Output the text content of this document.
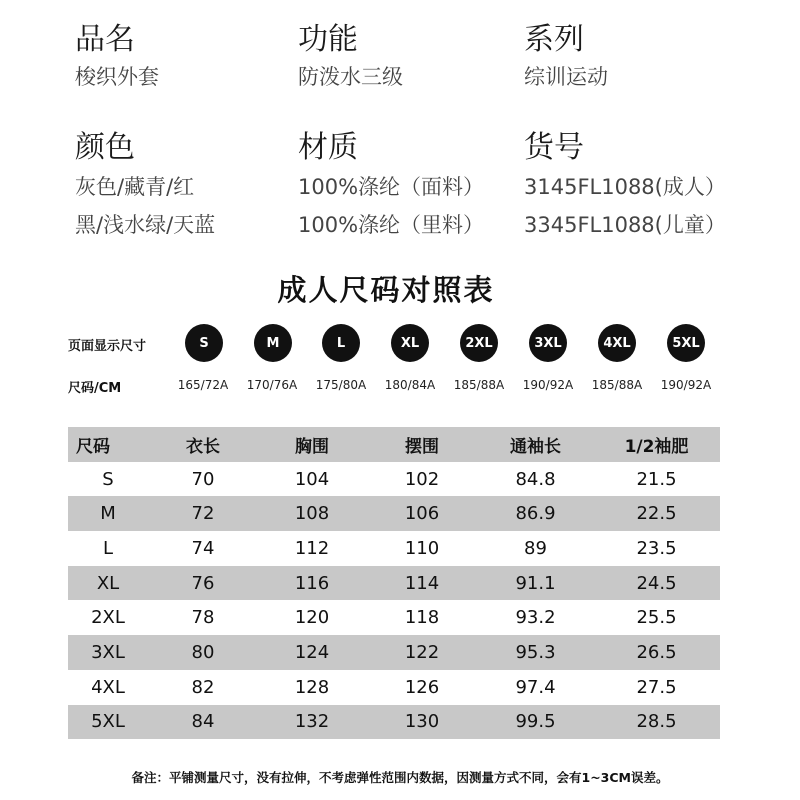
品名
梭织外套
功能
防泼水三级
系列
综训运动
颜色
灰色/藏青/红
黑/浅水绿/天蓝
材质
100%涤纶（面料）
100%涤纶（里料）
货号
3145FL1088(成人）
3345FL1088(儿童）
成人尺码对照表
页面显示尺寸	S	M	L	XL	2XL	3XL	4XL	5XL
尺码/CM	165/72A	170/76A	175/80A	180/84A	185/88A	190/92A	185/88A	190/92A
尺码	衣长	胸围	摆围	通袖长	1/2袖肥
S	70	104	102	84.8	21.5
M	72	108	106	86.9	22.5
L	74	112	110	89	23.5
XL	76	116	114	91.1	24.5
2XL	78	120	118	93.2	25.5
3XL	80	124	122	95.3	26.5
4XL	82	128	126	97.4	27.5
5XL	84	132	130	99.5	28.5
备注：平铺测量尺寸，没有拉伸，不考虑弹性范围内数据，因测量方式不同，会有1~3CM误差。
